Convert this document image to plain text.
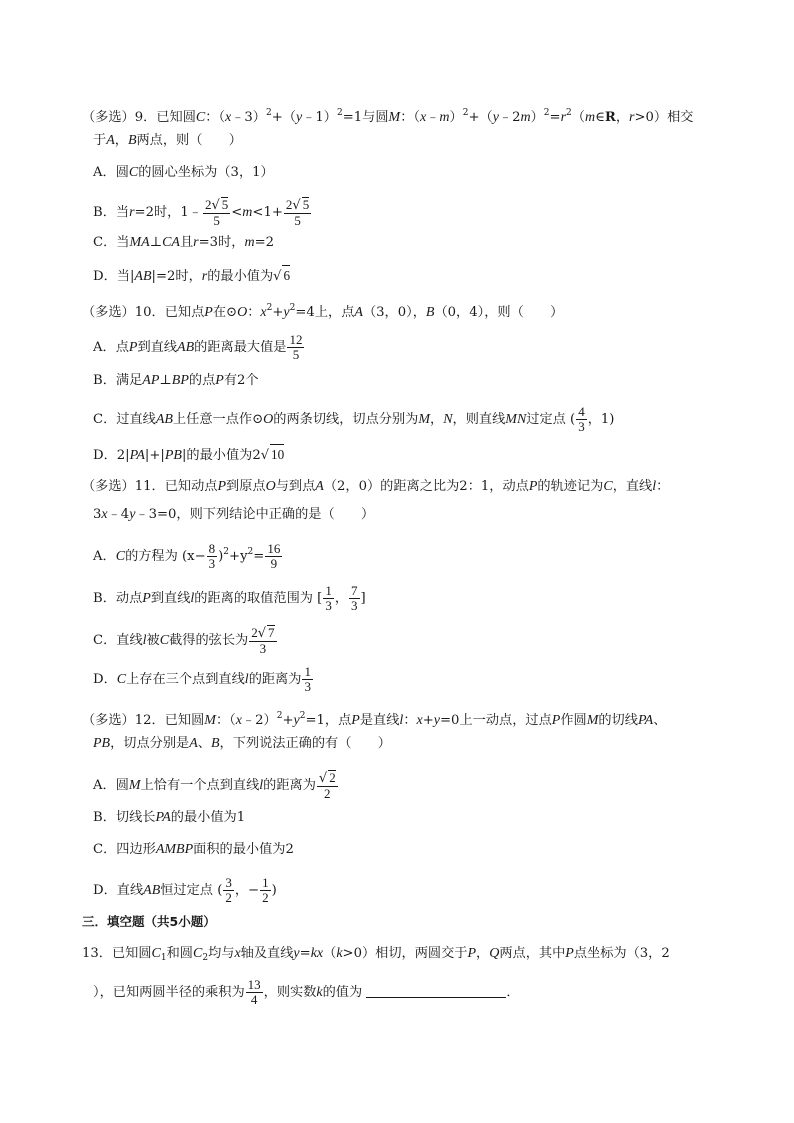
（多选）9．已知圆C：（x﹣3）$^2$+（y﹣1）$^2$=1与圆M：$(x﹣m)^2+(y﹣2m)^2=r^2(m\in R$，r>0）相交
于A，B两点，则（　　）
A．圆C的圆心坐标为（3，1）
B．当r=2时，1﹣ $\frac{2√ 5}{5} <m<1+ \frac{2√ 5}{5}$
C．当MA⊥CA且r=3时，m=2
D．当|AB|=2时，r的最小值为√ 6
（多选）10．已知点P在⊙O：$x^2+y^2=4$上，点A（3，0），B（0，4），则（　　）
A．点P到直线AB的距离最大值是 $\frac{12}{5}$
B．满足AP⊥BP的点P有2个
C．过直线AB上任意一点作⊙O的两条切线，切点分别为M，N，则直线MN过定点 ( $\frac{4}{3}$ ，1)
D．2|PA|+|PB|的最小值为2√ 10
（多选）11．已知动点P到原点O与到点A（2，0）的距离之比为2：1，动点P的轨迹记为C，直线l：
3x﹣4y﹣3=0，则下列结论中正确的是（　　）
A．C的方程为 $(x- \frac{8}{3} )^2+y^2= \frac{16}{9}$
B．动点P到直线l的距离的取值范围为 [ $\frac{1}{3}$ ， $\frac{7}{3}$ ]
C．直线l被C截得的弦长为 $\frac{2√ 7}{3}$
D．C上存在三个点到直线l的距离为 $\frac{1}{3}$
（多选）12．已知圆M：$(x﹣2)^2+y^2=1$，点P是直线l：x+y=0上一动点，过点P作圆M的切线PA、
PB，切点分别是A、B，下列说法正确的有（　　）
A．圆M上恰有一个点到直线l的距离为 $\frac{√ 2}{2}$
B．切线长PA的最小值为1
C．四边形AMBP面积的最小值为2
D．直线AB恒过定点 ( $\frac{3}{2}$ ，− $\frac{1}{2}$ )
三．填空题（共5小题）
13．已知圆$C_1$和圆$C_2$均与x轴及直线y=kx（k>0）相切，两圆交于P，Q两点，其中P点坐标为（3，2
），已知两圆半径的乘积为 $\frac{13}{4}$ ，则实数k的值为	．
